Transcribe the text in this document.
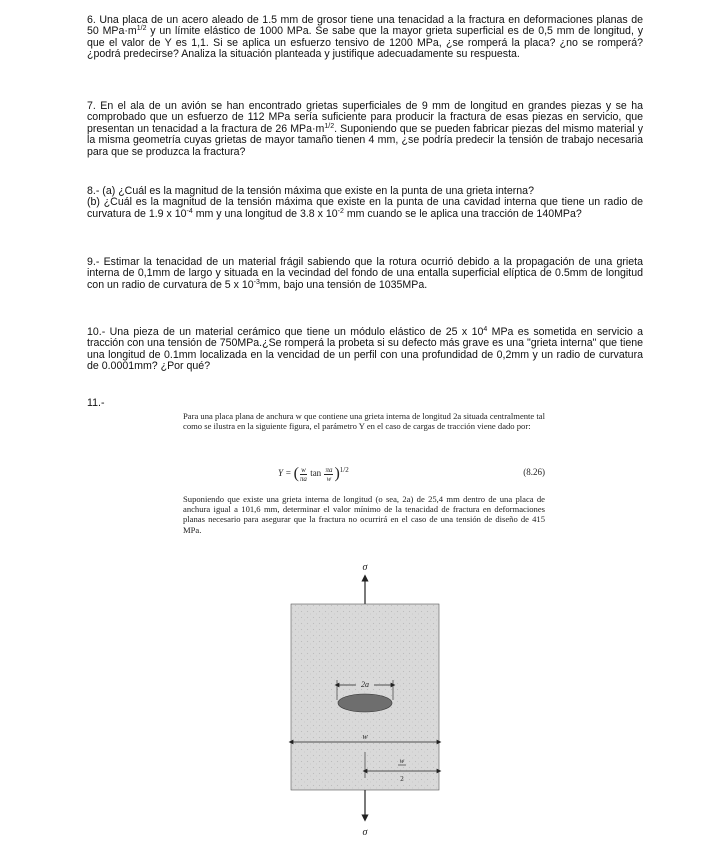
6. Una placa de un acero aleado de 1.5 mm de grosor tiene una tenacidad a la fractura en deformaciones planas de 50 $MPa\cdot m^{1/2}$ y un límite elástico de 1000 MPa. Se sabe que la mayor grieta superficial es de 0,5 mm de longitud, y que el valor de Y es 1,1. Si se aplica un esfuerzo tensivo de 1200 MPa, ¿se romperá la placa? ¿no se romperá? ¿podrá predecirse? Analiza la situación planteada y justifique adecuadamente su respuesta.

7. En el ala de un avión se han encontrado grietas superficiales de 9 mm de longitud en grandes piezas y se ha comprobado que un esfuerzo de 112 MPa sería suficiente para producir la fractura de esas piezas en servicio, que presentan un tenacidad a la fractura de 26 $MPa\cdot m^{1/2}$. Suponiendo que se pueden fabricar piezas del mismo material y la misma geometría cuyas grietas de mayor tamaño tienen 4 mm, ¿se podría predecir la tensión de trabajo necesaria para que se produzca la fractura?

8.- (a) ¿Cuál es la magnitud de la tensión máxima que existe en la punta de una grieta interna?

(b) ¿Cuál es la magnitud de la tensión máxima que existe en la punta de una cavidad interna que tiene un radio de curvatura de 1.9 x $10^{-4}$ mm y una longitud de 3.8 x $10^{-2}$ mm cuando se le aplica una tracción de 140MPa?

9.- Estimar la tenacidad de un material frágil sabiendo que la rotura ocurrió debido a la propagación de una grieta interna de 0,1mm de largo y situada en la vecindad del fondo de una entalla superficial elíptica de 0.5mm de longitud con un radio de curvatura de 5 x $10^{-3}mm$, bajo una tensión de 1035MPa.

10.- Una pieza de un material cerámico que tiene un módulo elástico de 25 x $10^4$ MPa es sometida en servicio a tracción con una tensión de 750MPa.¿Se romperá la probeta si su defecto más grave es una "grieta interna" que tiene una longitud de 0.1mm localizada en la vencidad de un perfil con una profundidad de 0,2mm y un radio de curvatura de 0.0001mm? ¿Por qué?

11.-

Para una placa plana de anchura w que contiene una grieta interna de longitud 2a situada centralmente tal como se ilustra en la siguiente figura, el parámetro Y en el caso de cargas de tracción viene dado por:

Y = ( $\frac{w}{\pi a}$ $\tan \frac{\pi a}{w} )^{1/2}$	(8.26)

Suponiendo que existe una grieta interna de longitud (o sea, 2a) de 25,4 mm dentro de una placa de anchura igual a 101,6 mm, determinar el valor mínimo de la tenacidad de fractura en deformaciones planas necesario para asegurar que la fractura no ocurrirá en el caso de una tensión de diseño de 415 MPa.

σ
2a
w
w
2
σ
